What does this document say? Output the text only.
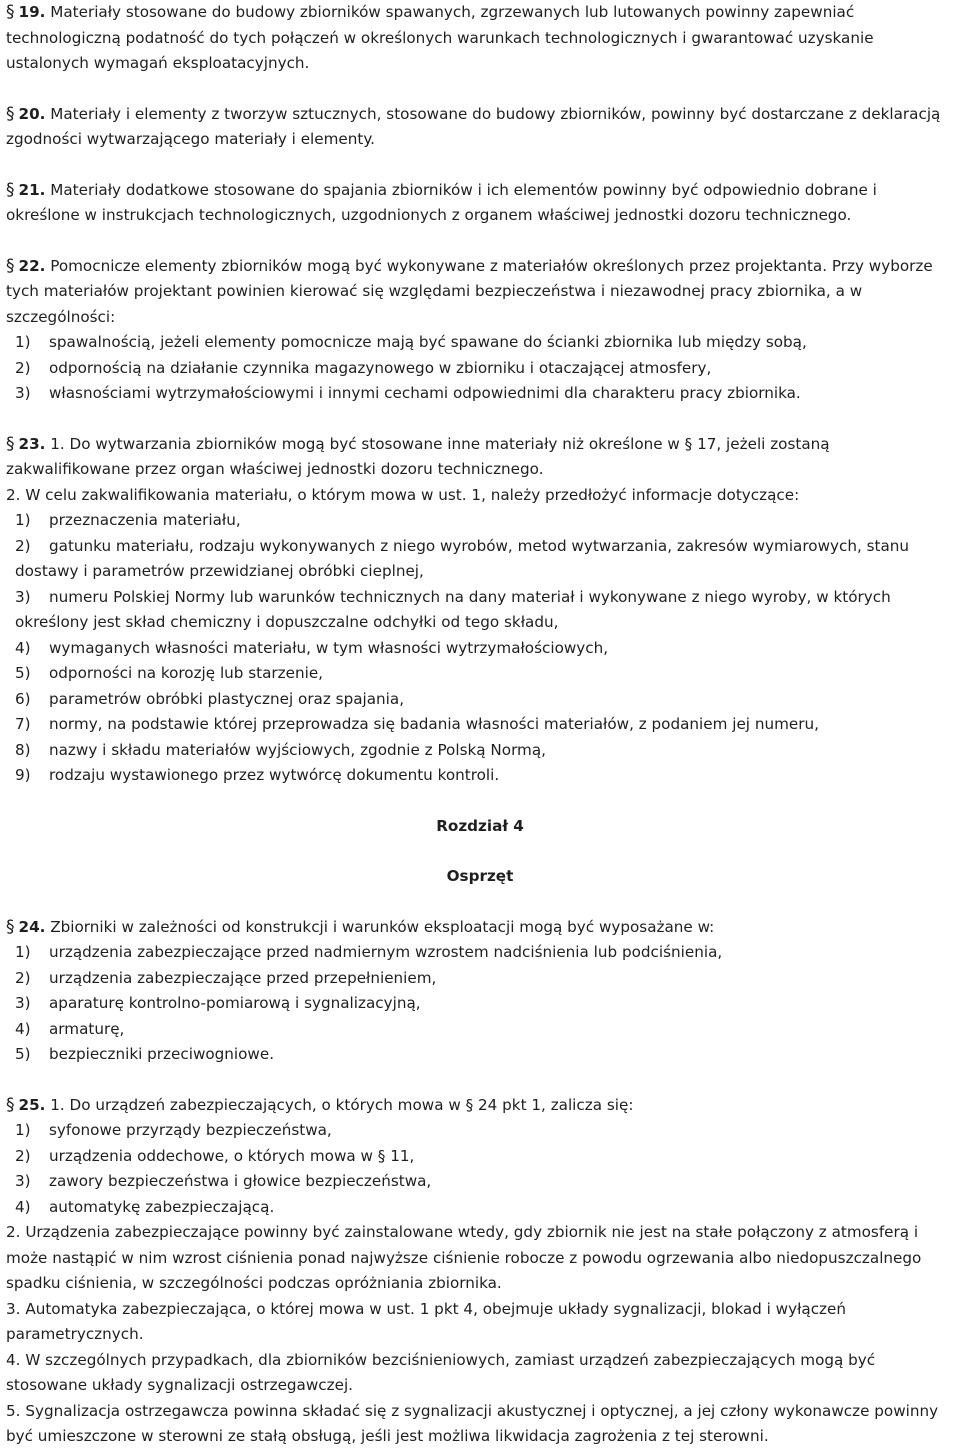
§ 19. Materiały stosowane do budowy zbiorników spawanych, zgrzewanych lub lutowanych powinny zapewniać technologiczną podatność do tych połączeń w określonych warunkach technologicznych i gwarantować uzyskanie ustalonych wymagań eksploatacyjnych.

§ 20. Materiały i elementy z tworzyw sztucznych, stosowane do budowy zbiorników, powinny być dostarczane z deklaracją zgodności wytwarzającego materiały i elementy.

§ 21. Materiały dodatkowe stosowane do spajania zbiorników i ich elementów powinny być odpowiednio dobrane i określone w instrukcjach technologicznych, uzgodnionych z organem właściwej jednostki dozoru technicznego.

§ 22. Pomocnicze elementy zbiorników mogą być wykonywane z materiałów określonych przez projektanta. Przy wyborze tych materiałów projektant powinien kierować się względami bezpieczeństwa i niezawodnej pracy zbiornika, a w szczególności:

1) spawalnością, jeżeli elementy pomocnicze mają być spawane do ścianki zbiornika lub między sobą,
2) odpornością na działanie czynnika magazynowego w zbiorniku i otaczającej atmosfery,
3) własnościami wytrzymałościowymi i innymi cechami odpowiednimi dla charakteru pracy zbiornika.

§ 23. 1. Do wytwarzania zbiorników mogą być stosowane inne materiały niż określone w § 17, jeżeli zostaną zakwalifikowane przez organ właściwej jednostki dozoru technicznego.

2. W celu zakwalifikowania materiału, o którym mowa w ust. 1, należy przedłożyć informacje dotyczące:

1) przeznaczenia materiału,
2) gatunku materiału, rodzaju wykonywanych z niego wyrobów, metod wytwarzania, zakresów wymiarowych, stanu dostawy i parametrów przewidzianej obróbki cieplnej,
3) numeru Polskiej Normy lub warunków technicznych na dany materiał i wykonywane z niego wyroby, w których określony jest skład chemiczny i dopuszczalne odchyłki od tego składu,
4) wymaganych własności materiału, w tym własności wytrzymałościowych,
5) odporności na korozję lub starzenie,
6) parametrów obróbki plastycznej oraz spajania,
7) normy, na podstawie której przeprowadza się badania własności materiałów, z podaniem jej numeru,
8) nazwy i składu materiałów wyjściowych, zgodnie z Polską Normą,
9) rodzaju wystawionego przez wytwórcę dokumentu kontroli.

Rozdział 4

Osprzęt

§ 24. Zbiorniki w zależności od konstrukcji i warunków eksploatacji mogą być wyposażane w:

1) urządzenia zabezpieczające przed nadmiernym wzrostem nadciśnienia lub podciśnienia,
2) urządzenia zabezpieczające przed przepełnieniem,
3) aparaturę kontrolno-pomiarową i sygnalizacyjną,
4) armaturę,
5) bezpieczniki przeciwogniowe.

§ 25. 1. Do urządzeń zabezpieczających, o których mowa w § 24 pkt 1, zalicza się:

1) syfonowe przyrządy bezpieczeństwa,
2) urządzenia oddechowe, o których mowa w § 11,
3) zawory bezpieczeństwa i głowice bezpieczeństwa,
4) automatykę zabezpieczającą.

2. Urządzenia zabezpieczające powinny być zainstalowane wtedy, gdy zbiornik nie jest na stałe połączony z atmosferą i może nastąpić w nim wzrost ciśnienia ponad najwyższe ciśnienie robocze z powodu ogrzewania albo niedopuszczalnego spadku ciśnienia, w szczególności podczas opróżniania zbiornika.

3. Automatyka zabezpieczająca, o której mowa w ust. 1 pkt 4, obejmuje układy sygnalizacji, blokad i wyłączeń parametrycznych.

4. W szczególnych przypadkach, dla zbiorników bezciśnieniowych, zamiast urządzeń zabezpieczających mogą być stosowane układy sygnalizacji ostrzegawczej.

5. Sygnalizacja ostrzegawcza powinna składać się z sygnalizacji akustycznej i optycznej, a jej człony wykonawcze powinny być umieszczone w sterowni ze stałą obsługą, jeśli jest możliwa likwidacja zagrożenia z tej sterowni.
